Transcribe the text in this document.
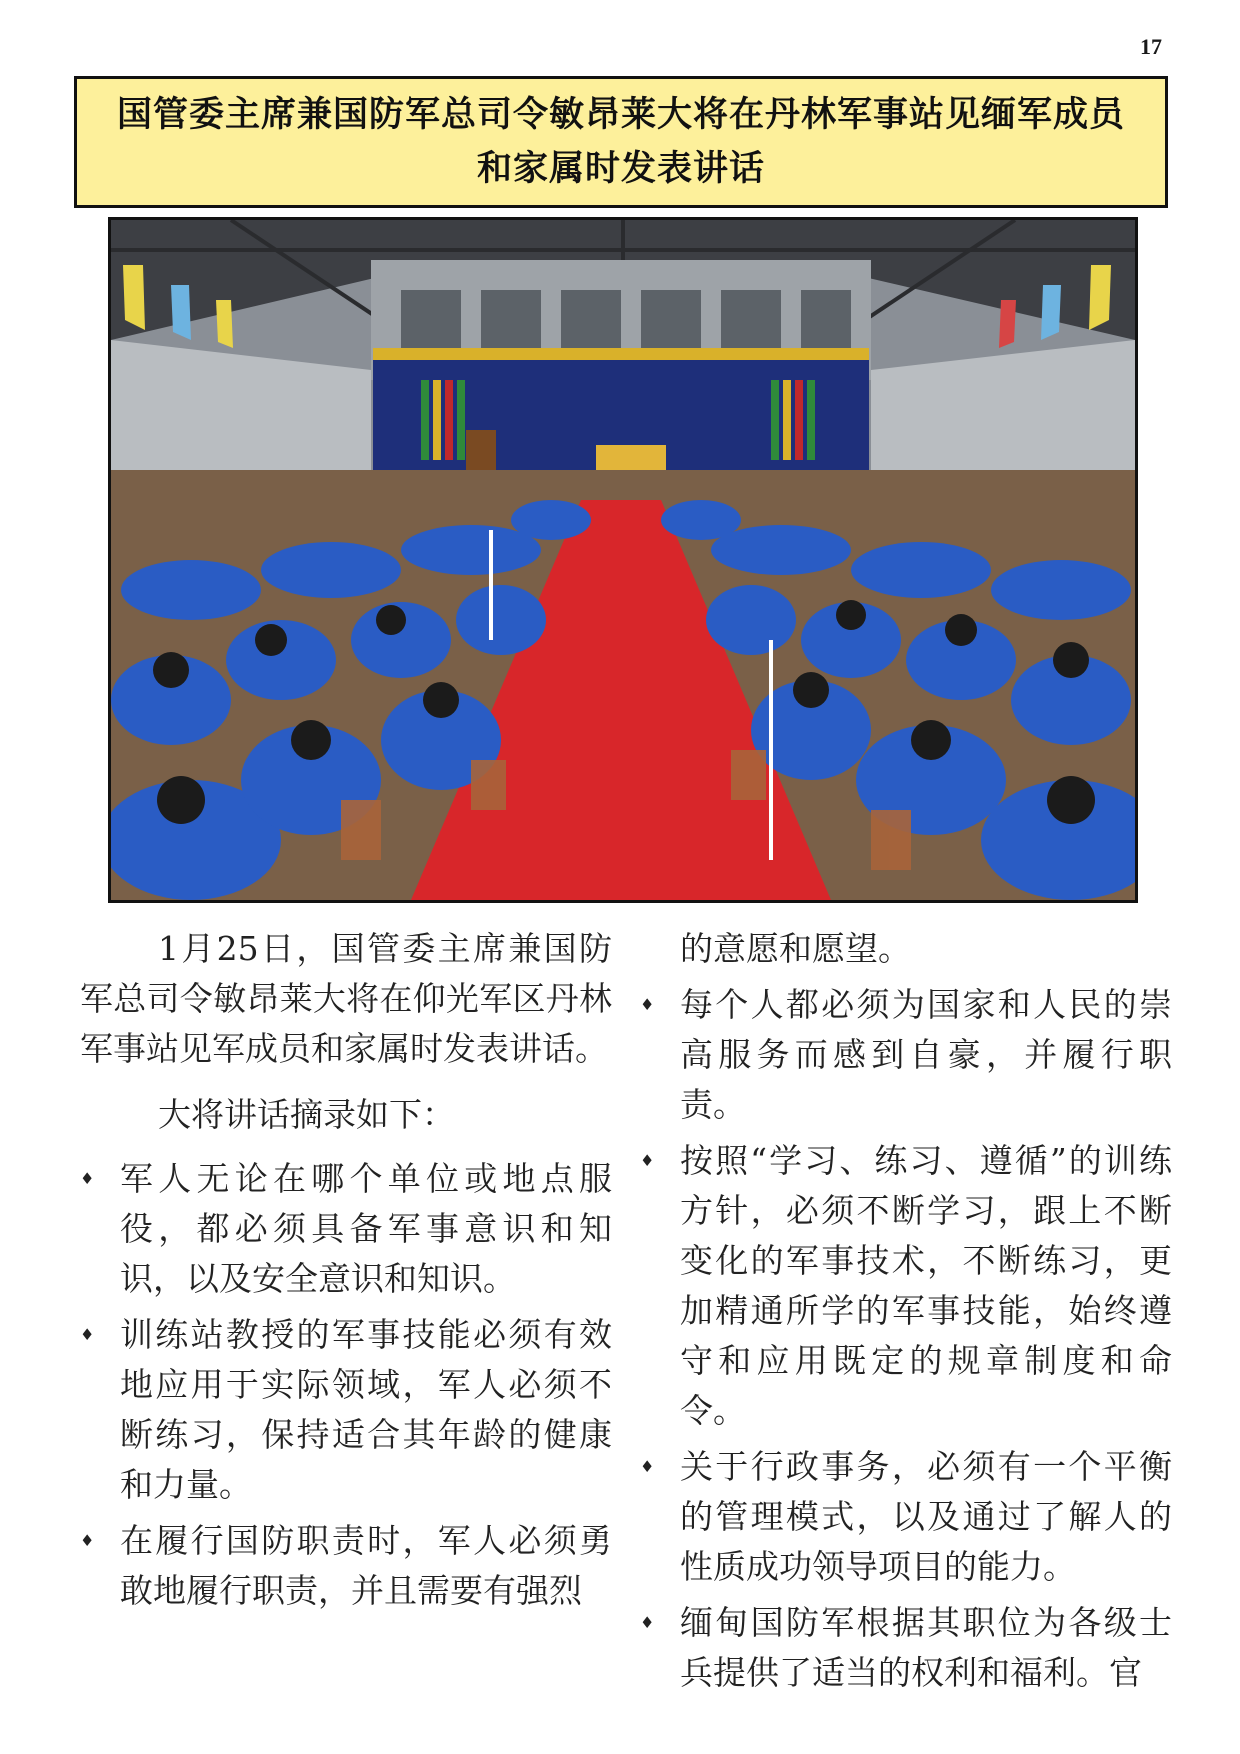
17
国管委主席兼国防军总司令敏昂莱大将在丹林军事站见缅军成员
和家属时发表讲话

1月25日，国管委主席兼国防军总司令敏昂莱大将在仰光军区丹林军事站见军成员和家属时发表讲话。

大将讲话摘录如下：

♦ 军人无论在哪个单位或地点服役，都必须具备军事意识和知识，以及安全意识和知识。
♦ 训练站教授的军事技能必须有效地应用于实际领域，军人必须不断练习，保持适合其年龄的健康和力量。
♦ 在履行国防职责时，军人必须勇敢地履行职责，并且需要有强烈

的意愿和愿望。

♦ 每个人都必须为国家和人民的崇高服务而感到自豪，并履行职责。
♦ 按照“学习、练习、遵循”的训练方针，必须不断学习，跟上不断变化的军事技术，不断练习，更加精通所学的军事技能，始终遵守和应用既定的规章制度和命令。
♦ 关于行政事务，必须有一个平衡的管理模式，以及通过了解人的性质成功领导项目的能力。
♦ 缅甸国防军根据其职位为各级士兵提供了适当的权利和福利。官
